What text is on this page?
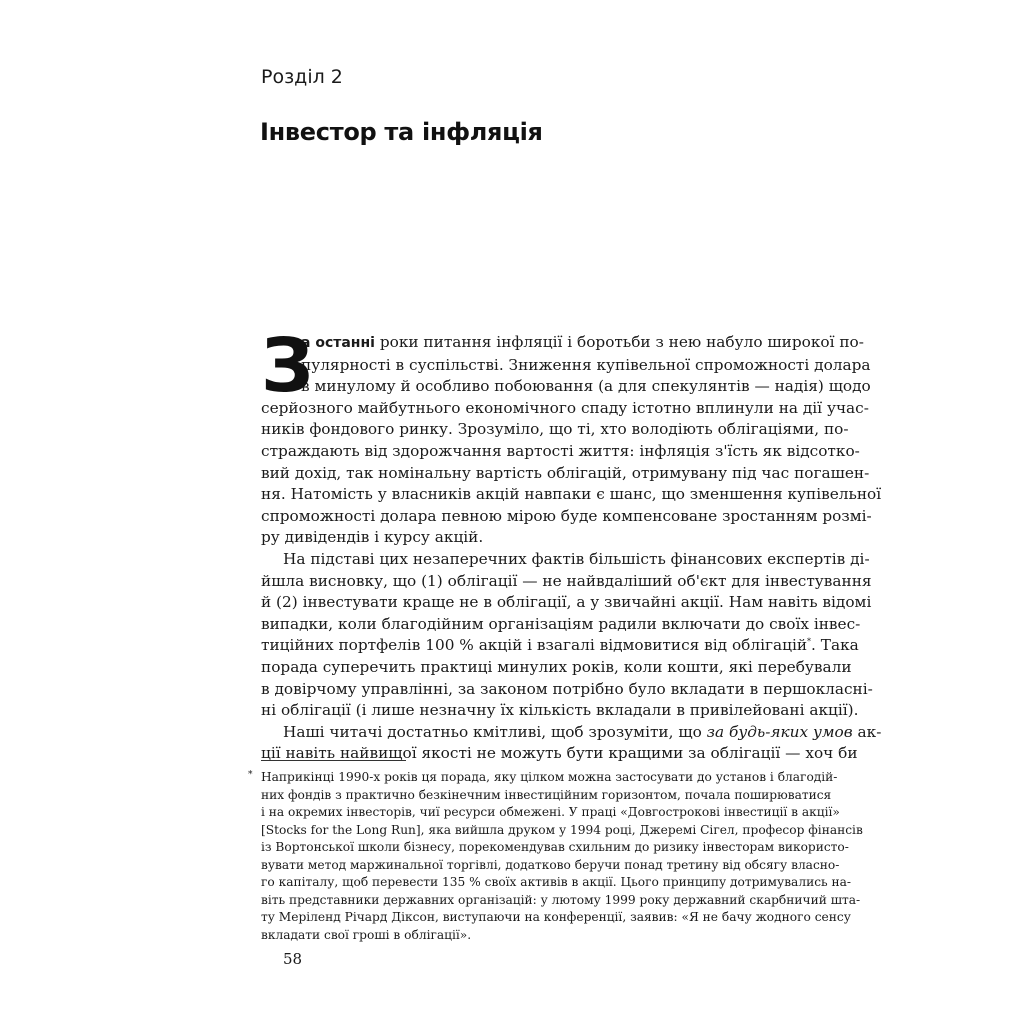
Розділ 2
Інвестор та інфляція
З
а останні роки питання інфляції і боротьби з нею набуло широкої по-
пулярності в суспільстві. Зниження купівельної спроможності долара
в минулому й особливо побоювання (а для спекулянтів — надія) щодо
серйозного майбутнього економічного спаду істотно вплинули на дії учас-
ників фондового ринку. Зрозуміло, що ті, хто володіють облігаціями, по-
страждають від здорожчання вартості життя: інфляція з'їсть як відсотко-
вий дохід, так номінальну вартість облігацій, отримувану під час погашен-
ня. Натомість у власників акцій навпаки є шанс, що зменшення купівельної
спроможності долара певною мірою буде компенсоване зростанням розмі-
ру дивідендів і курсу акцій.
На підставі цих незаперечних фактів більшість фінансових експертів ді-
йшла висновку, що (1) облігації — не найвдаліший об'єкт для інвестування
й (2) інвестувати краще не в облігації, а у звичайні акції. Нам навіть відомі
випадки, коли благодійним організаціям радили включати до своїх інвес-
тиційних портфелів 100 % акцій і взагалі відмовитися від облігацій*. Така
порада суперечить практиці минулих років, коли кошти, які перебували
в довірчому управлінні, за законом потрібно було вкладати в першокласні-
ні облігації (і лише незначну їх кількість вкладали в привілейовані акції).
Наші читачі достатньо кмітливі, щоб зрозуміти, що за будь-яких умов ак-
ції навіть найвищої якості не можуть бути кращими за облігації — хоч би
* Наприкінці 1990-х років ця порада, яку цілком можна застосувати до установ і благодій-
них фондів з практично безкінечним інвестиційним горизонтом, почала поширюватися
і на окремих інвесторів, чиї ресурси обмежені. У праці «Довгострокові інвестиції в акції»
[Stocks for the Long Run], яка вийшла друком у 1994 році, Джеремі Сігел, професор фінансів
із Вортонської школи бізнесу, порекомендував схильним до ризику інвесторам використо-
вувати метод маржинальної торгівлі, додатково беручи понад третину від обсягу власно-
го капіталу, щоб перевести 135 % своїх активів в акції. Цього принципу дотримувались на-
віть представники державних організацій: у лютому 1999 року державний скарбничий шта-
ту Меріленд Річард Діксон, виступаючи на конференції, заявив: «Я не бачу жодного сенсу
вкладати свої гроші в облігації».
58
